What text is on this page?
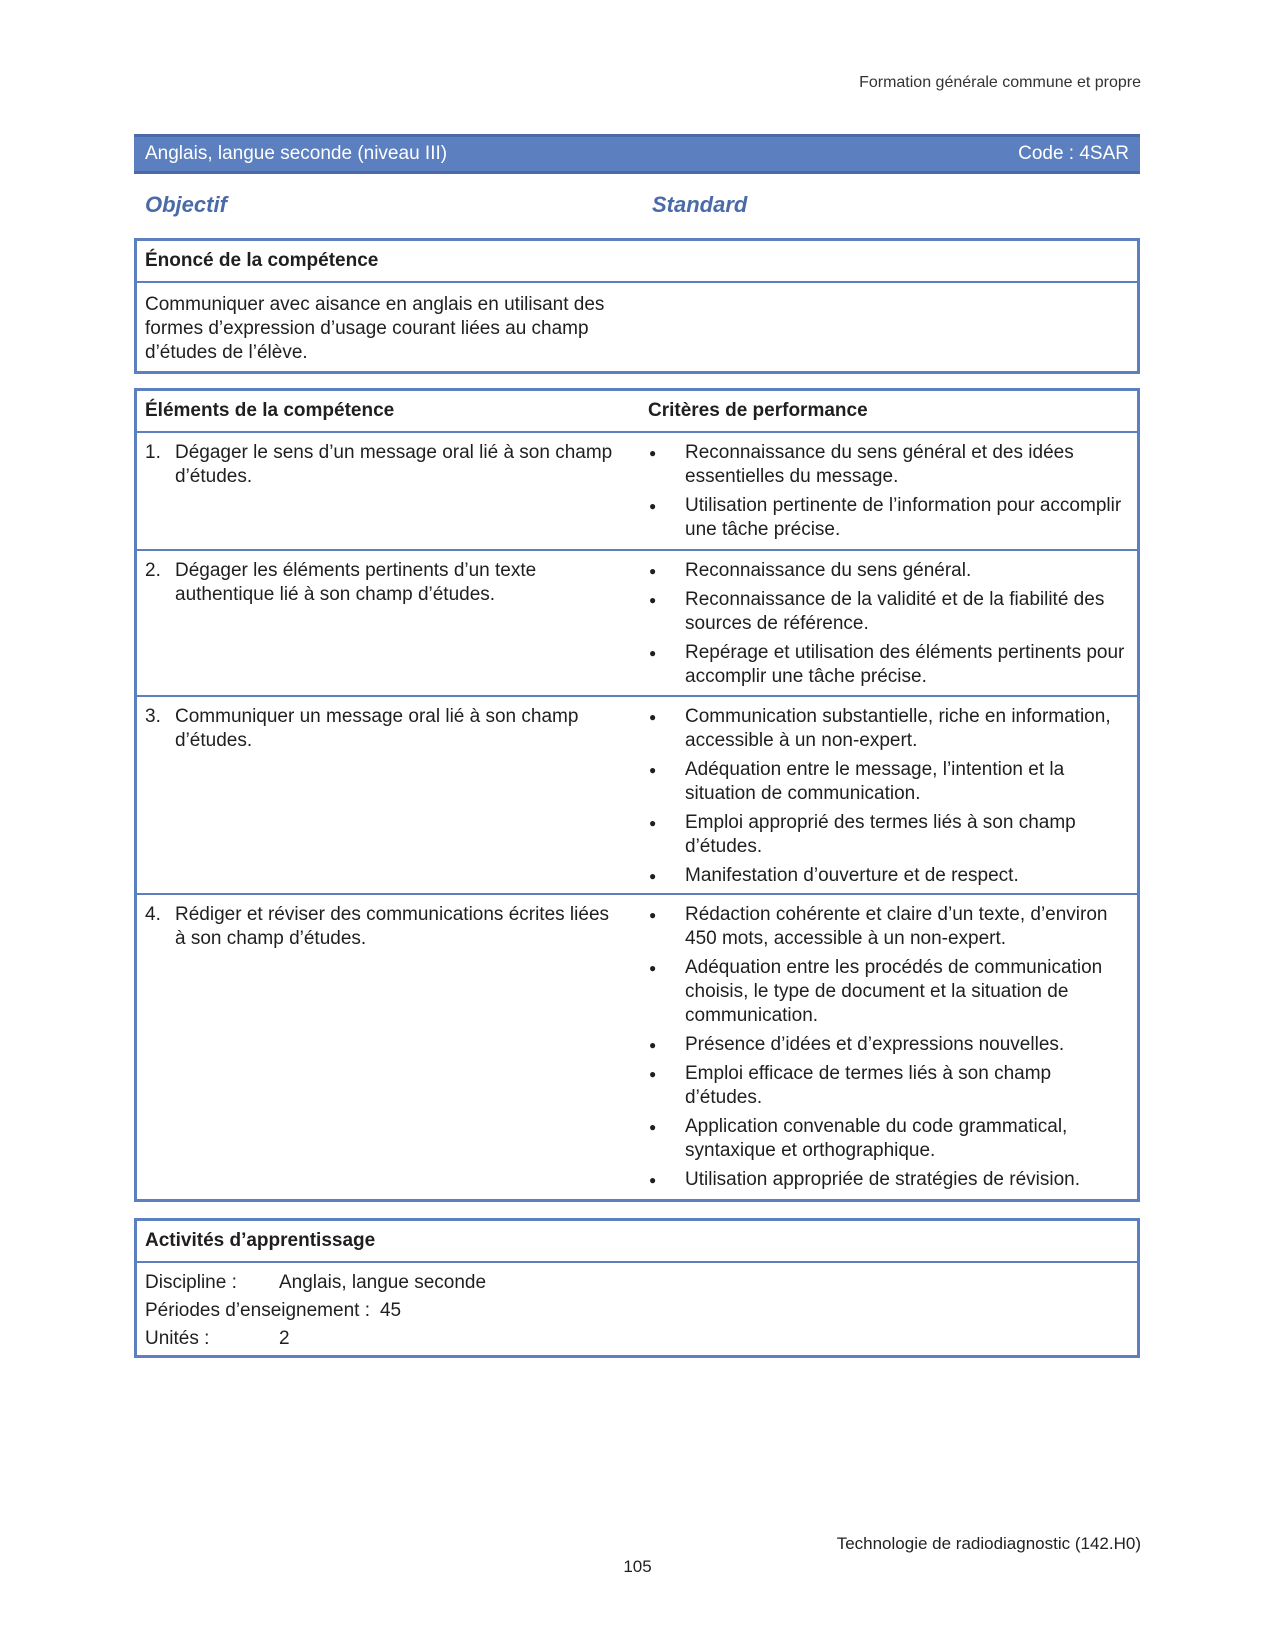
Formation générale commune et propre
Anglais, langue seconde (niveau III)	Code : 4SAR
Objectif	Standard
Énoncé de la compétence
Communiquer avec aisance en anglais en utilisant des formes d’expression d’usage courant liées au champ d’études de l’élève.
Éléments de la compétence	Critères de performance
1. Dégager le sens d’un message oral lié à son champ d’études.
●	Reconnaissance du sens général et des idées essentielles du message.
●	Utilisation pertinente de l’information pour accomplir une tâche précise.
2. Dégager les éléments pertinents d’un texte authentique lié à son champ d’études.
●	Reconnaissance du sens général.
●	Reconnaissance de la validité et de la fiabilité des sources de référence.
●	Repérage et utilisation des éléments pertinents pour accomplir une tâche précise.
3. Communiquer un message oral lié à son champ d’études.
●	Communication substantielle, riche en information, accessible à un non-expert.
●	Adéquation entre le message, l’intention et la situation de communication.
●	Emploi approprié des termes liés à son champ d’études.
●	Manifestation d’ouverture et de respect.
4. Rédiger et réviser des communications écrites liées à son champ d’études.
●	Rédaction cohérente et claire d’un texte, d’environ 450 mots, accessible à un non-expert.
●	Adéquation entre les procédés de communication choisis, le type de document et la situation de communication.
●	Présence d’idées et d’expressions nouvelles.
●	Emploi efficace de termes liés à son champ d’études.
●	Application convenable du code grammatical, syntaxique et orthographique.
●	Utilisation appropriée de stratégies de révision.
Activités d’apprentissage
Discipline :	Anglais, langue seconde
Périodes d’enseignement : 45
Unités :	2
Technologie de radiodiagnostic (142.H0)
105
